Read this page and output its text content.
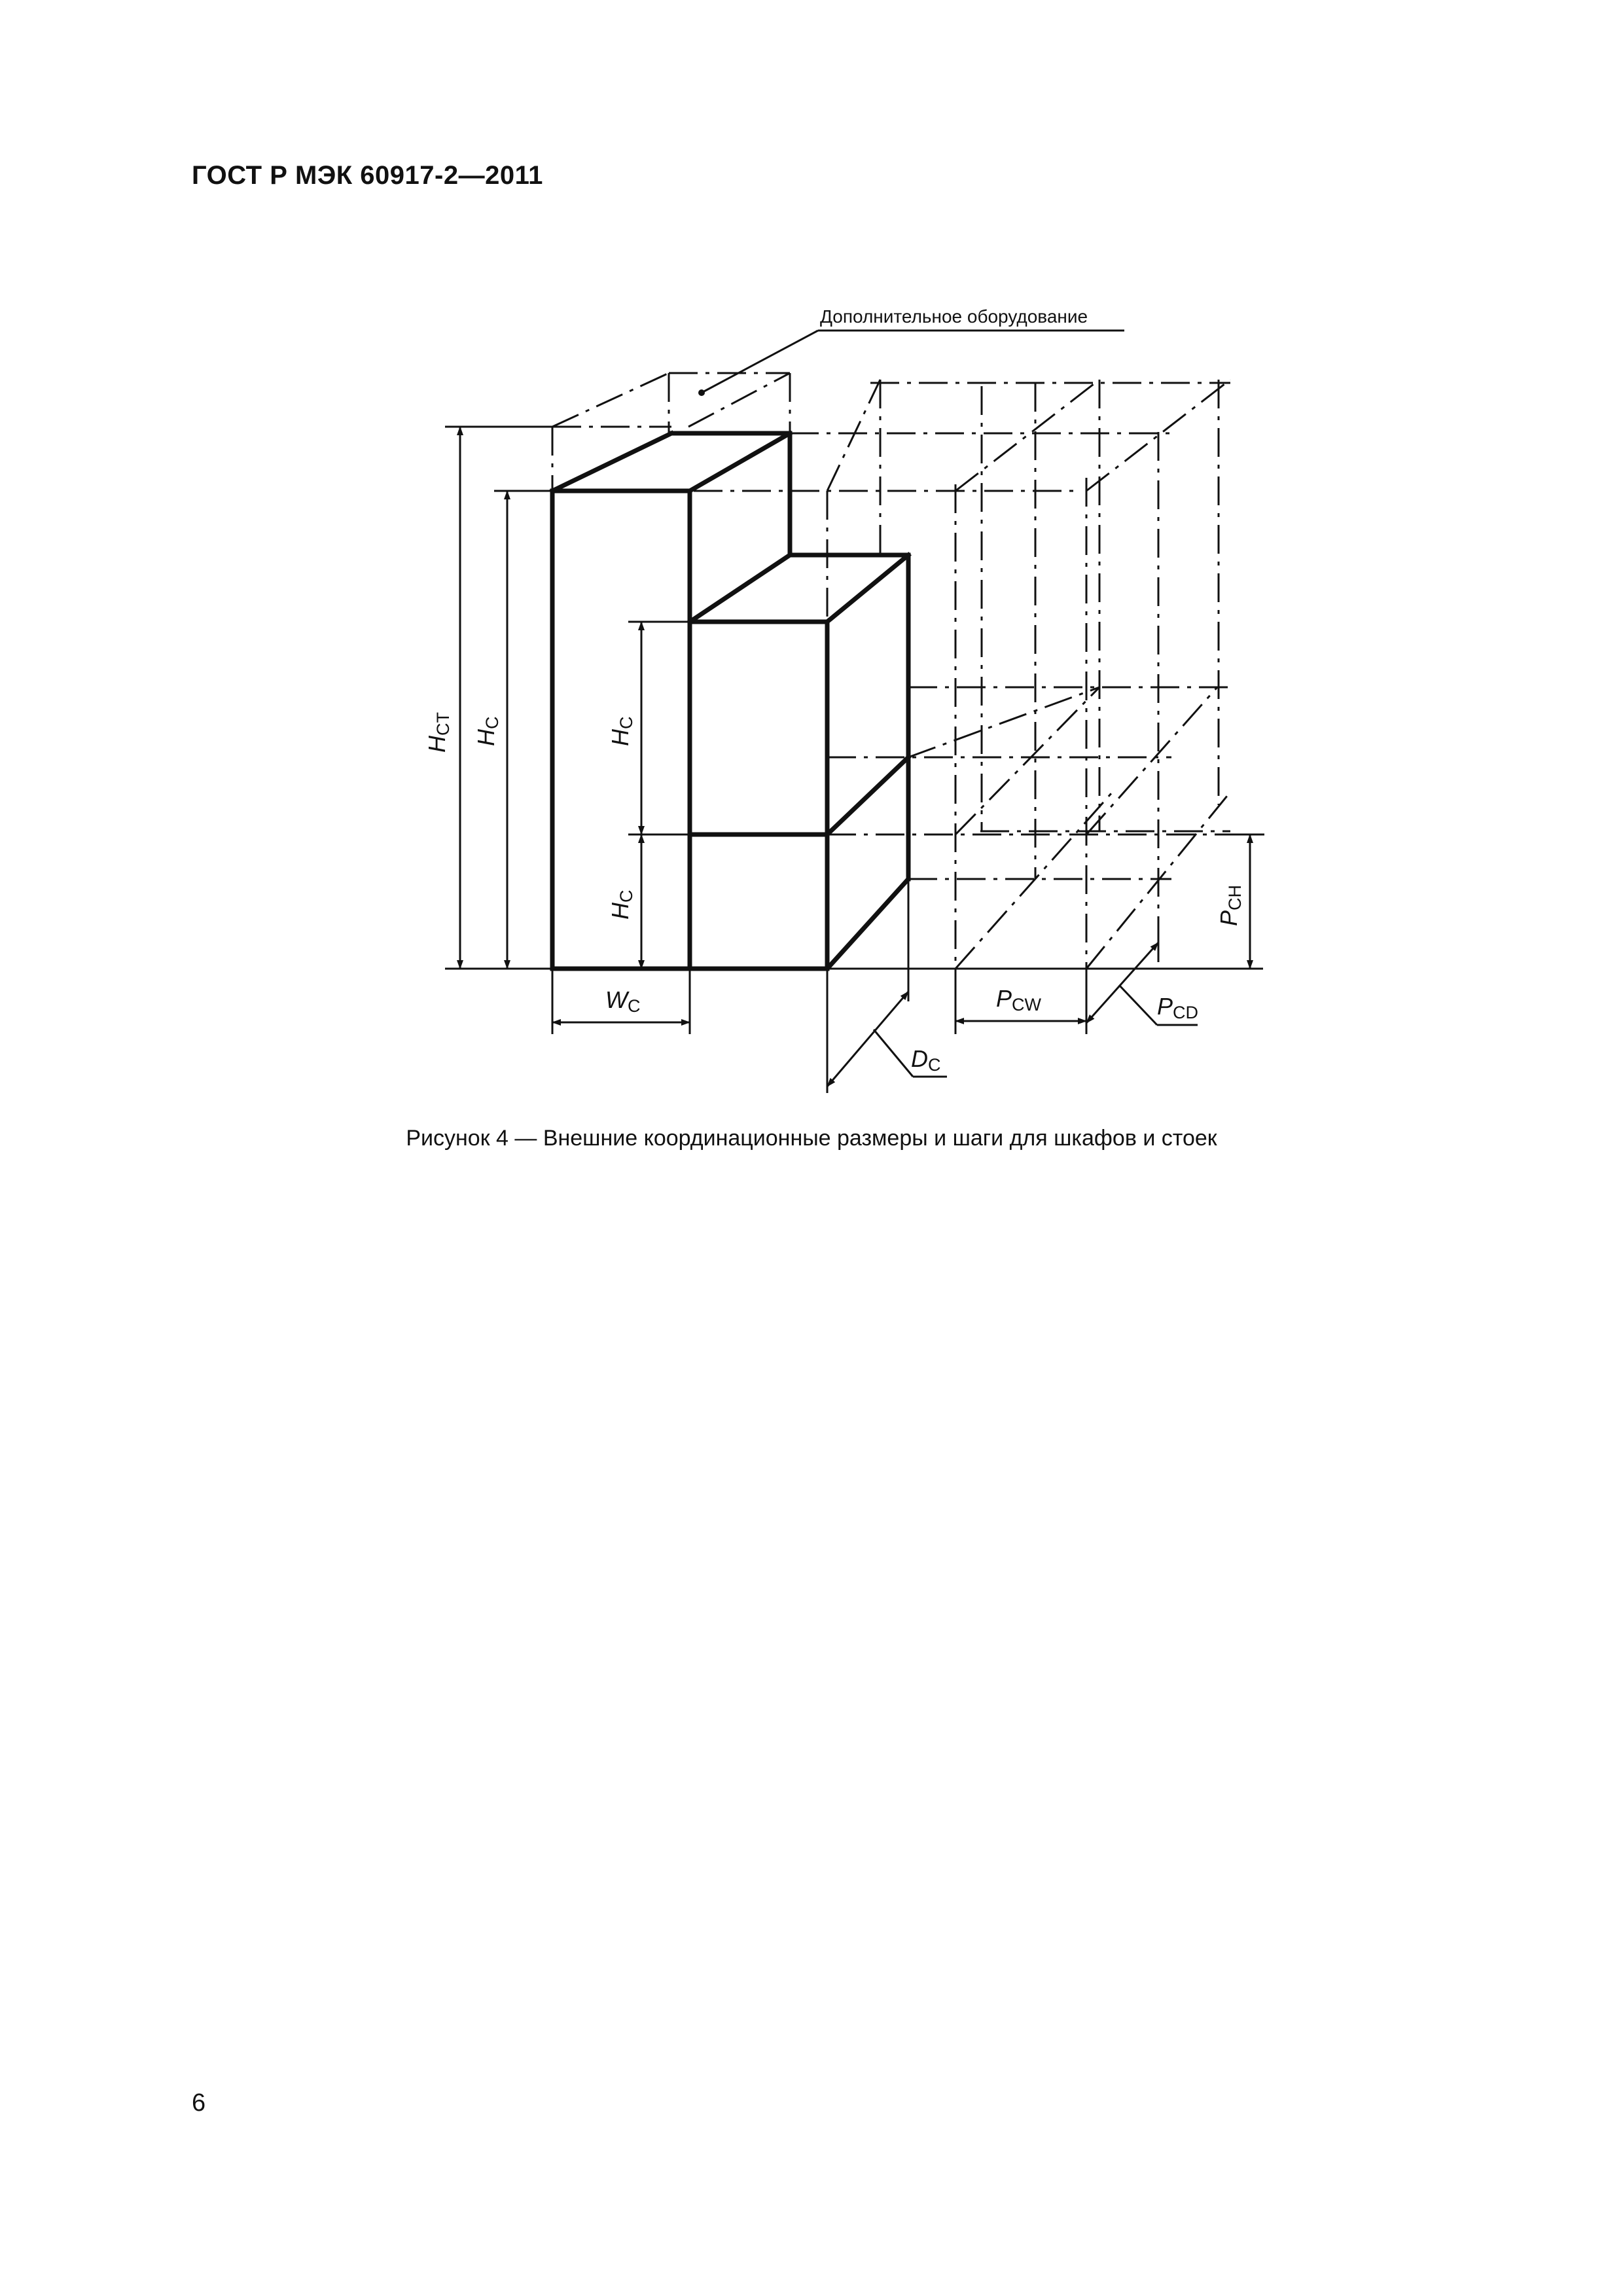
ГОСТ Р МЭК 60917-2—2011
Дополнительное оборудование
HCT
HC
HC
HC
WC
DC
PCW	PCD
PCH
Рисунок 4 — Внешние координационные размеры и шаги для шкафов и стоек
6
